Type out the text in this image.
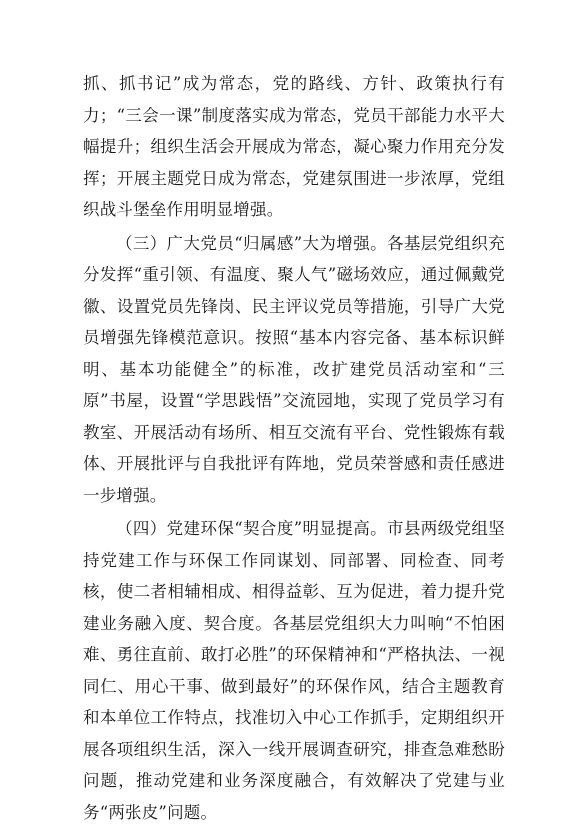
抓、抓书记”成为常态，党的路线、方针、政策执行有力；“三会一课”制度落实成为常态，党员干部能力水平大幅提升；组织生活会开展成为常态，凝心聚力作用充分发挥；开展主题党日成为常态，党建氛围进一步浓厚，党组织战斗堡垒作用明显增强。

（三）广大党员“归属感”大为增强。各基层党组织充分发挥“重引领、有温度、聚人气”磁场效应，通过佩戴党徽、设置党员先锋岗、民主评议党员等措施，引导广大党员增强先锋模范意识。按照“基本内容完备、基本标识鲜明、基本功能健全”的标准，改扩建党员活动室和“三原”书屋，设置“学思践悟”交流园地，实现了党员学习有教室、开展活动有场所、相互交流有平台、党性锻炼有载体、开展批评与自我批评有阵地，党员荣誉感和责任感进一步增强。

（四）党建环保“契合度”明显提高。市县两级党组坚持党建工作与环保工作同谋划、同部署、同检查、同考核，使二者相辅相成、相得益彰、互为促进，着力提升党建业务融入度、契合度。各基层党组织大力叫响“不怕困难、勇往直前、敢打必胜”的环保精神和“严格执法、一视同仁、用心干事、做到最好”的环保作风，结合主题教育和本单位工作特点，找准切入中心工作抓手，定期组织开展各项组织生活，深入一线开展调查研究，排查急难愁盼问题，推动党建和业务深度融合，有效解决了党建与业务“两张皮”问题。
